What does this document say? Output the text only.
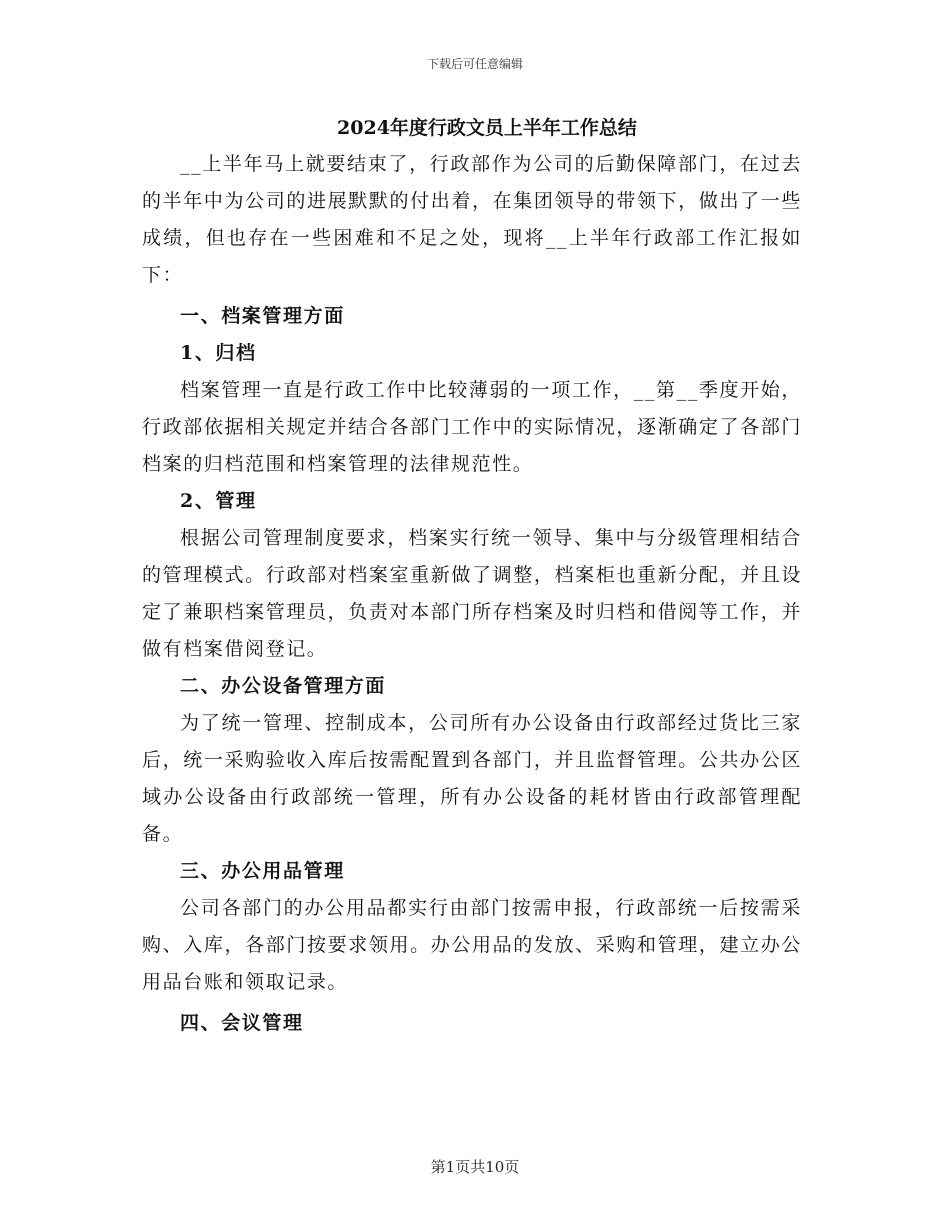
下载后可任意编辑
2024年度行政文员上半年工作总结

__上半年马上就要结束了，行政部作为公司的后勤保障部门，在过去的半年中为公司的进展默默的付出着，在集团领导的带领下，做出了一些成绩，但也存在一些困难和不足之处，现将__上半年行政部工作汇报如下：

一、档案管理方面

1、归档

档案管理一直是行政工作中比较薄弱的一项工作，__第__季度开始，行政部依据相关规定并结合各部门工作中的实际情况，逐渐确定了各部门档案的归档范围和档案管理的法律规范性。

2、管理

根据公司管理制度要求，档案实行统一领导、集中与分级管理相结合的管理模式。行政部对档案室重新做了调整，档案柜也重新分配，并且设定了兼职档案管理员，负责对本部门所存档案及时归档和借阅等工作，并做有档案借阅登记。

二、办公设备管理方面

为了统一管理、控制成本，公司所有办公设备由行政部经过货比三家后，统一采购验收入库后按需配置到各部门，并且监督管理。公共办公区域办公设备由行政部统一管理，所有办公设备的耗材皆由行政部管理配备。

三、办公用品管理

公司各部门的办公用品都实行由部门按需申报，行政部统一后按需采购、入库，各部门按要求领用。办公用品的发放、采购和管理，建立办公用品台账和领取记录。

四、会议管理

第1页共10页
